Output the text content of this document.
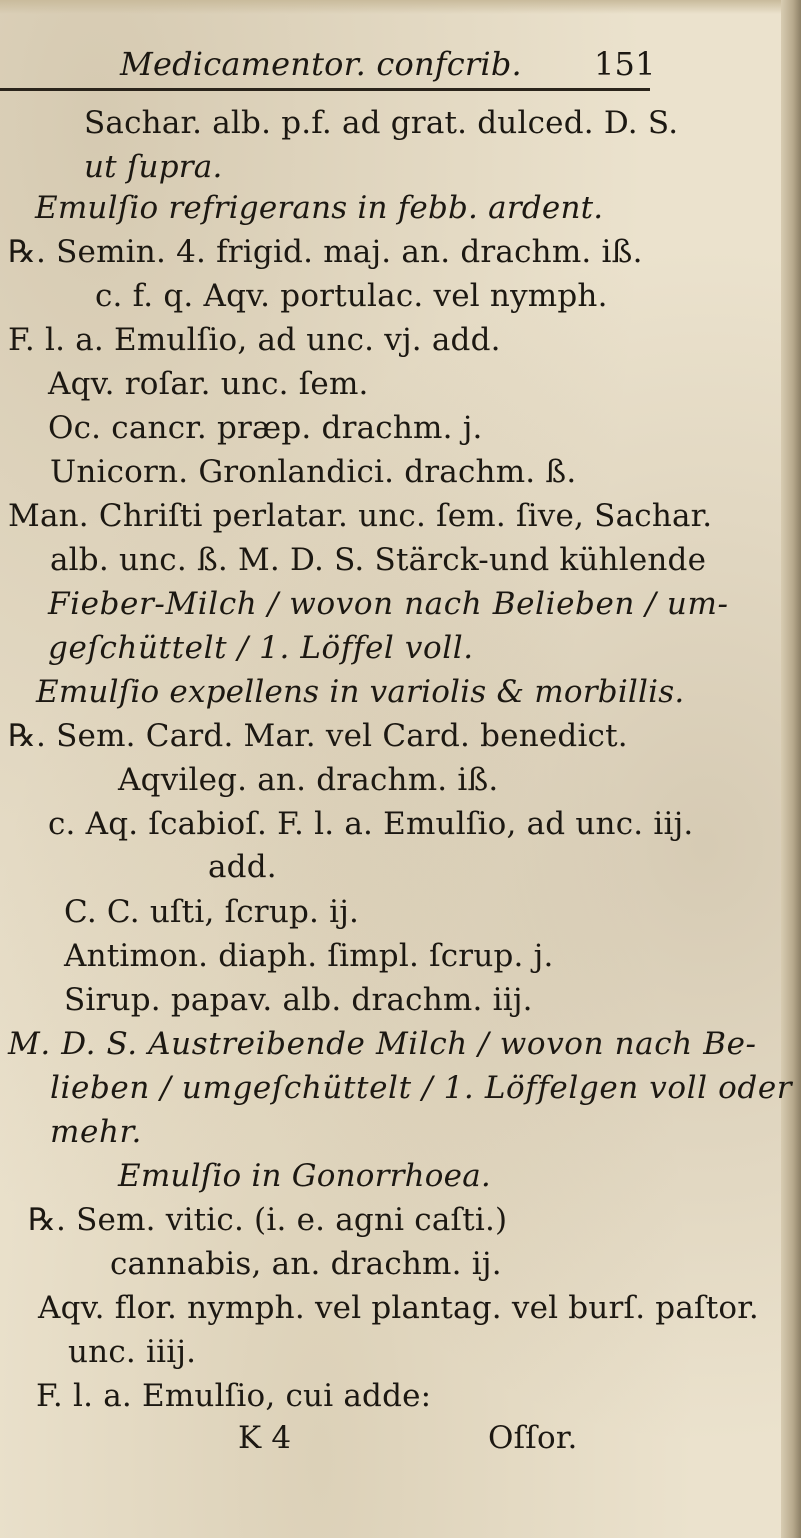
Medicamentor. confcrib. 151
Sachar. alb. p.f. ad grat. dulced. D. S.
ut ſupra.
Emulſio refrigerans in febb. ardent.
℞. Semin. 4. frigid. maj. an. drachm. iß.
c. f. q. Aqv. portulac. vel nymph.
F. l. a. Emulſio, ad unc. vj. add.
Aqv. roſar. unc. ſem.
Oc. cancr. præp. drachm. j.
Unicorn. Gronlandici. drachm. ß.
Man. Chriſti perlatar. unc. ſem. ſive, Sachar.
alb. unc. ß. M. D. S. Stärck-und kühlende
Fieber-Milch / wovon nach Belieben / um-
geſchüttelt / 1. Löffel voll.
Emulſio expellens in variolis & morbillis.
℞. Sem. Card. Mar. vel Card. benedict.
Aqvileg. an. drachm. iß.
c. Aq. ſcabioſ. F. l. a. Emulſio, ad unc. iij.
add.
C. C. uſti, ſcrup. ij.
Antimon. diaph. ſimpl. ſcrup. j.
Sirup. papav. alb. drachm. iij.
M. D. S. Austreibende Milch / wovon nach Be-
lieben / umgeſchüttelt / 1. Löffelgen voll oder
mehr.
Emulſio in Gonorrhoea.
℞. Sem. vitic. (i. e. agni caſti.)
cannabis, an. drachm. ij.
Aqv. flor. nymph. vel plantag. vel burſ. paſtor.
unc. iiij.
F. l. a. Emulſio, cui adde:
K 4	Oſſor.
